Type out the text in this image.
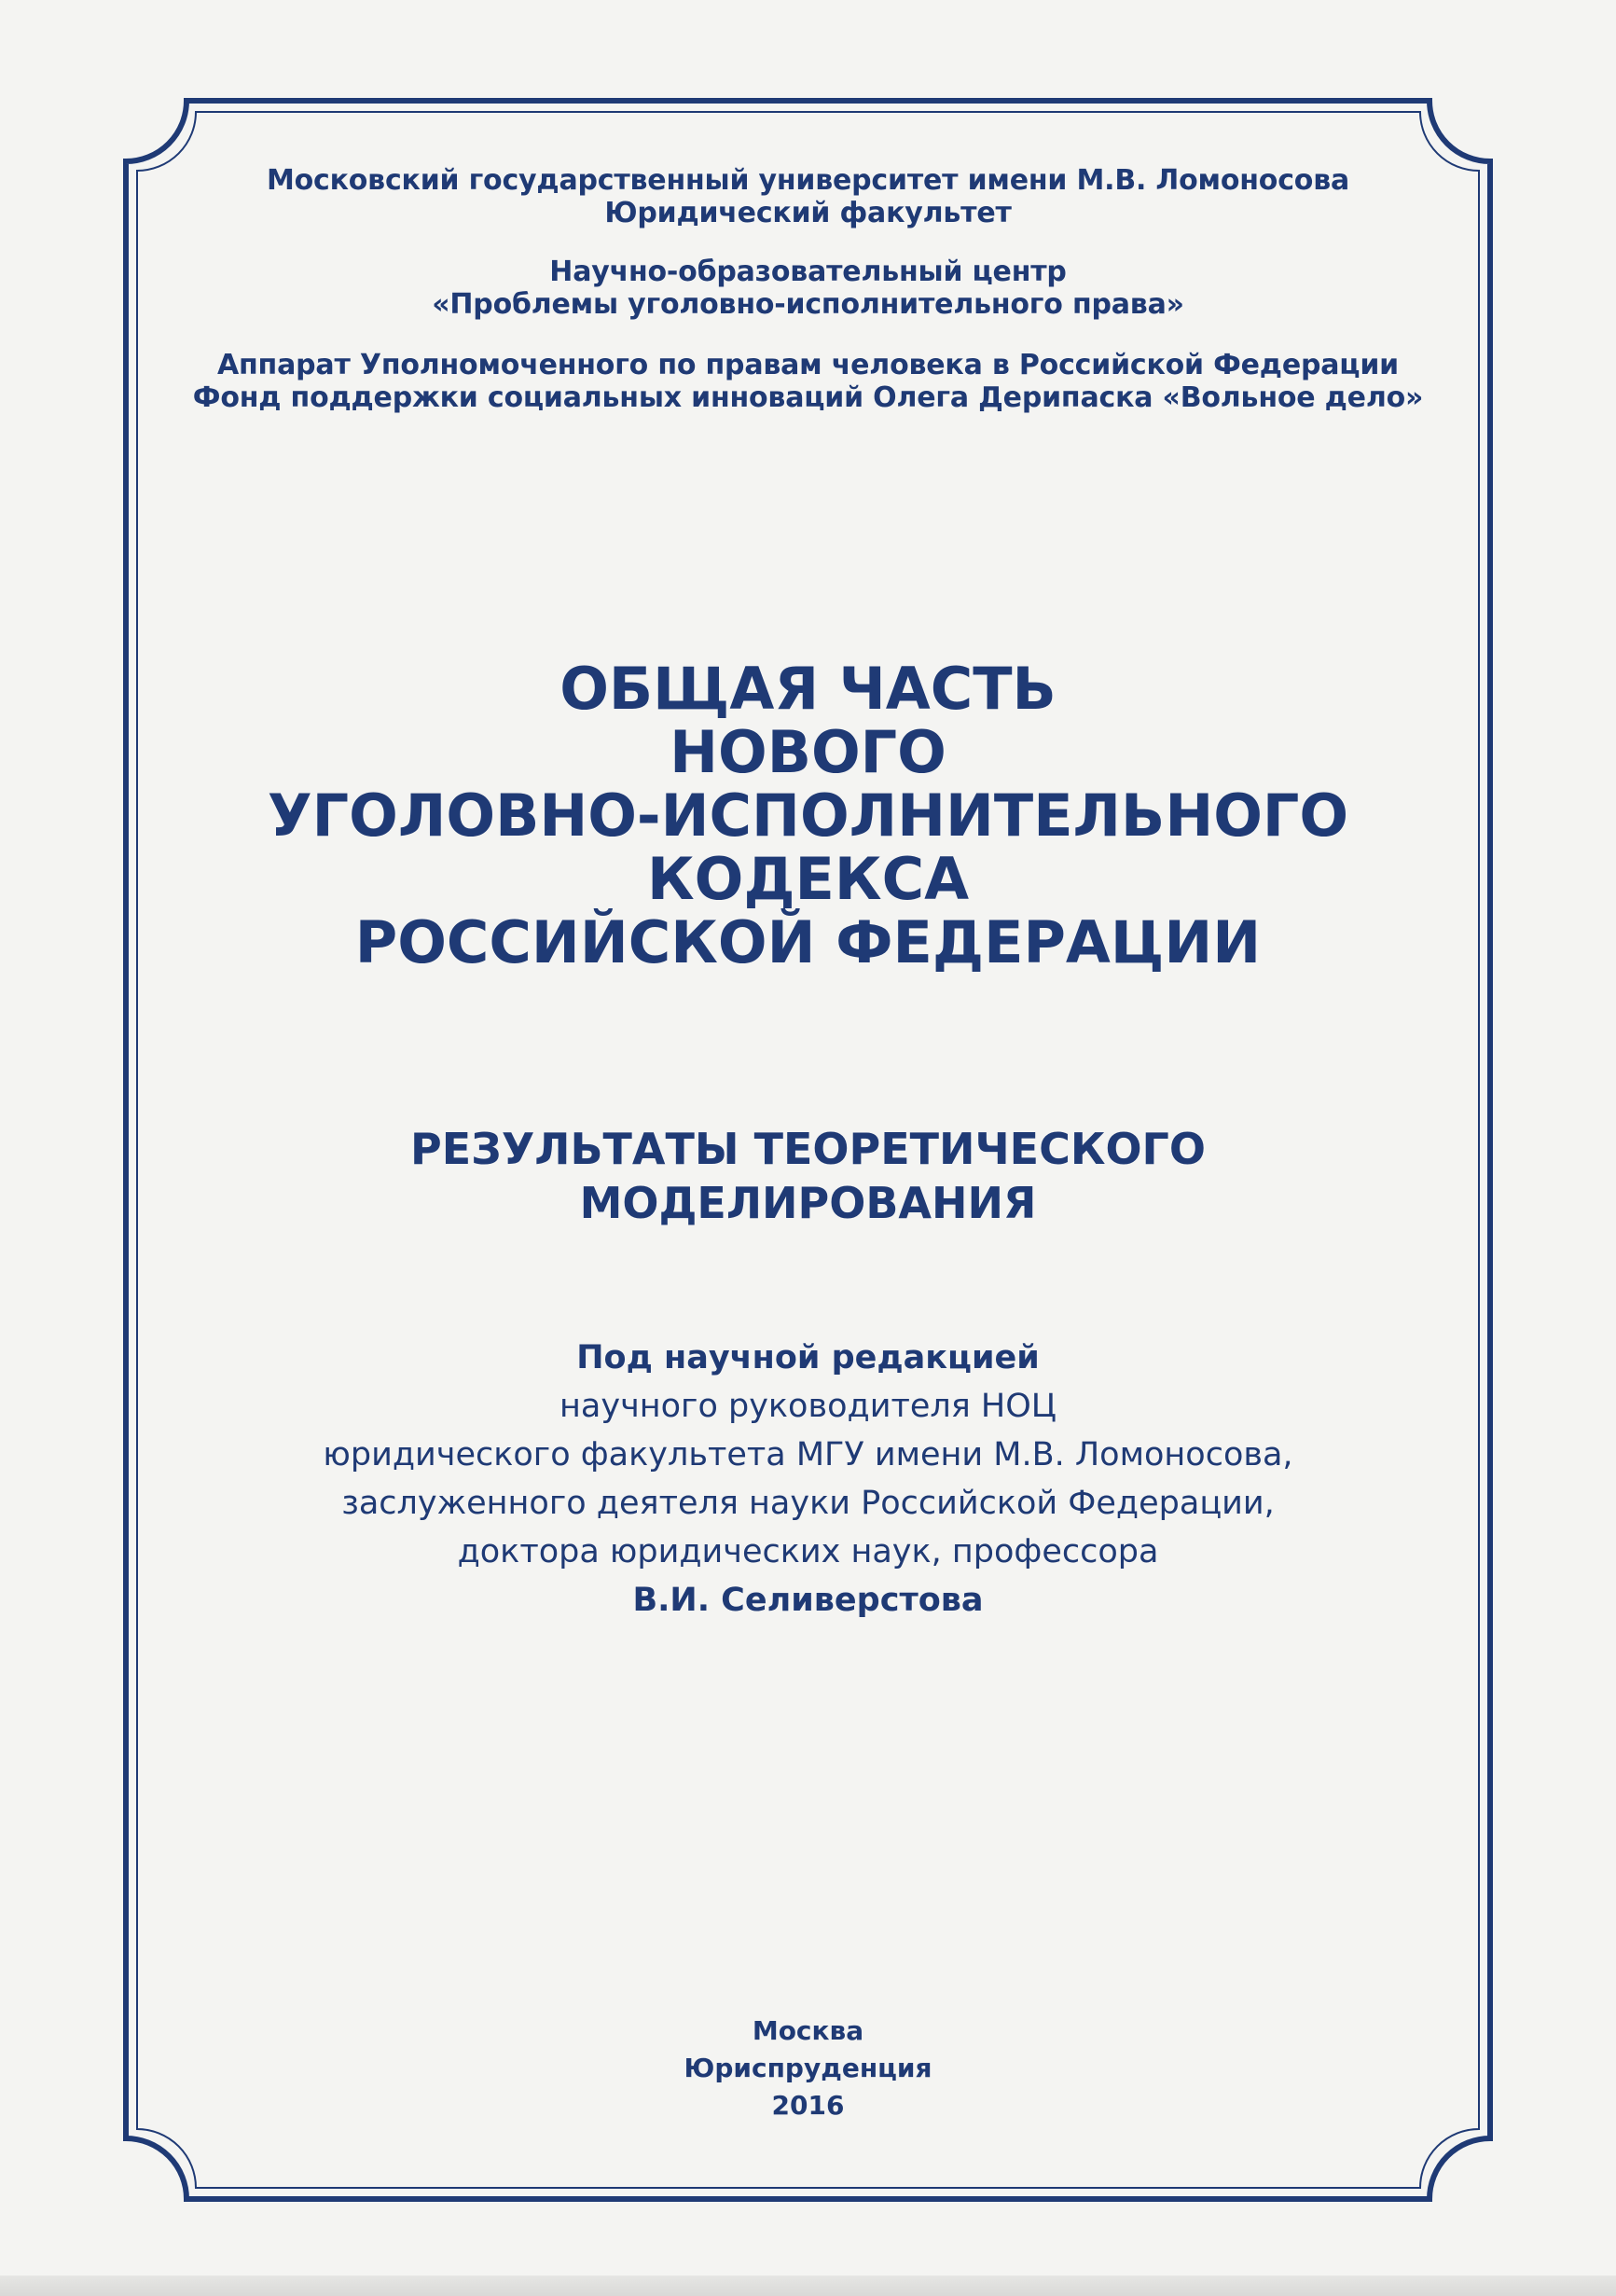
Московский государственный университет имени М.В. Ломоносова
Юридический факультет
Научно-образовательный центр
«Проблемы уголовно-исполнительного права»
Аппарат Уполномоченного по правам человека в Российской Федерации
Фонд поддержки социальных инноваций Олега Дерипаска «Вольное дело»
ОБЩАЯ ЧАСТЬ
НОВОГО
УГОЛОВНО-ИСПОЛНИТЕЛЬНОГО
КОДЕКСА
РОССИЙСКОЙ ФЕДЕРАЦИИ
РЕЗУЛЬТАТЫ ТЕОРЕТИЧЕСКОГО
МОДЕЛИРОВАНИЯ
Под научной редакцией
научного руководителя НОЦ
юридического факультета МГУ имени М.В. Ломоносова,
заслуженного деятеля науки Российской Федерации,
доктора юридических наук, профессора
В.И. Селиверстова
Москва
Юриспруденция
2016
